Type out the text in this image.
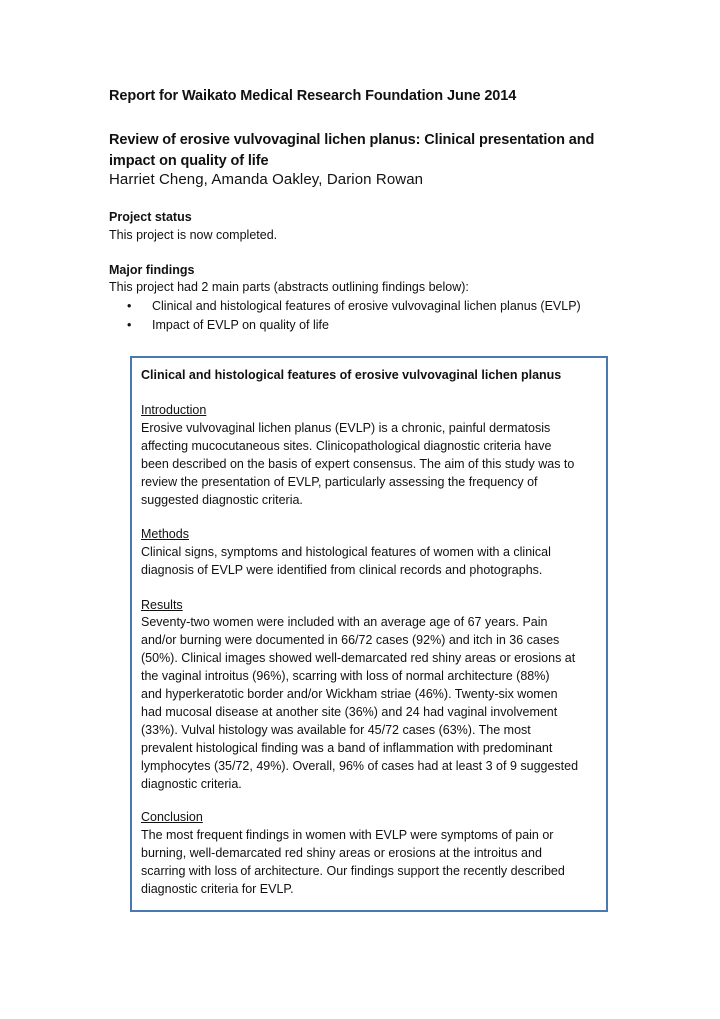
Report for Waikato Medical Research Foundation June 2014
Review of erosive vulvovaginal lichen planus: Clinical presentation and impact on quality of life
Harriet Cheng, Amanda Oakley, Darion Rowan
Project status
This project is now completed.
Major findings
This project had 2 main parts (abstracts outlining findings below):
• Clinical and histological features of erosive vulvovaginal lichen planus (EVLP)
• Impact of EVLP on quality of life

Clinical and histological features of erosive vulvovaginal lichen planus

Introduction

Erosive vulvovaginal lichen planus (EVLP) is a chronic, painful dermatosis
affecting mucocutaneous sites. Clinicopathological diagnostic criteria have
been described on the basis of expert consensus. The aim of this study was to
review the presentation of EVLP, particularly assessing the frequency of
suggested diagnostic criteria.

Methods

Clinical signs, symptoms and histological features of women with a clinical
diagnosis of EVLP were identified from clinical records and photographs.

Results

Seventy-two women were included with an average age of 67 years. Pain
and/or burning were documented in 66/72 cases (92%) and itch in 36 cases
(50%). Clinical images showed well-demarcated red shiny areas or erosions at
the vaginal introitus (96%), scarring with loss of normal architecture (88%)
and hyperkeratotic border and/or Wickham striae (46%). Twenty-six women
had mucosal disease at another site (36%) and 24 had vaginal involvement
(33%). Vulval histology was available for 45/72 cases (63%). The most
prevalent histological finding was a band of inflammation with predominant
lymphocytes (35/72, 49%). Overall, 96% of cases had at least 3 of 9 suggested
diagnostic criteria.

Conclusion

The most frequent findings in women with EVLP were symptoms of pain or
burning, well-demarcated red shiny areas or erosions at the introitus and
scarring with loss of architecture. Our findings support the recently described
diagnostic criteria for EVLP.
